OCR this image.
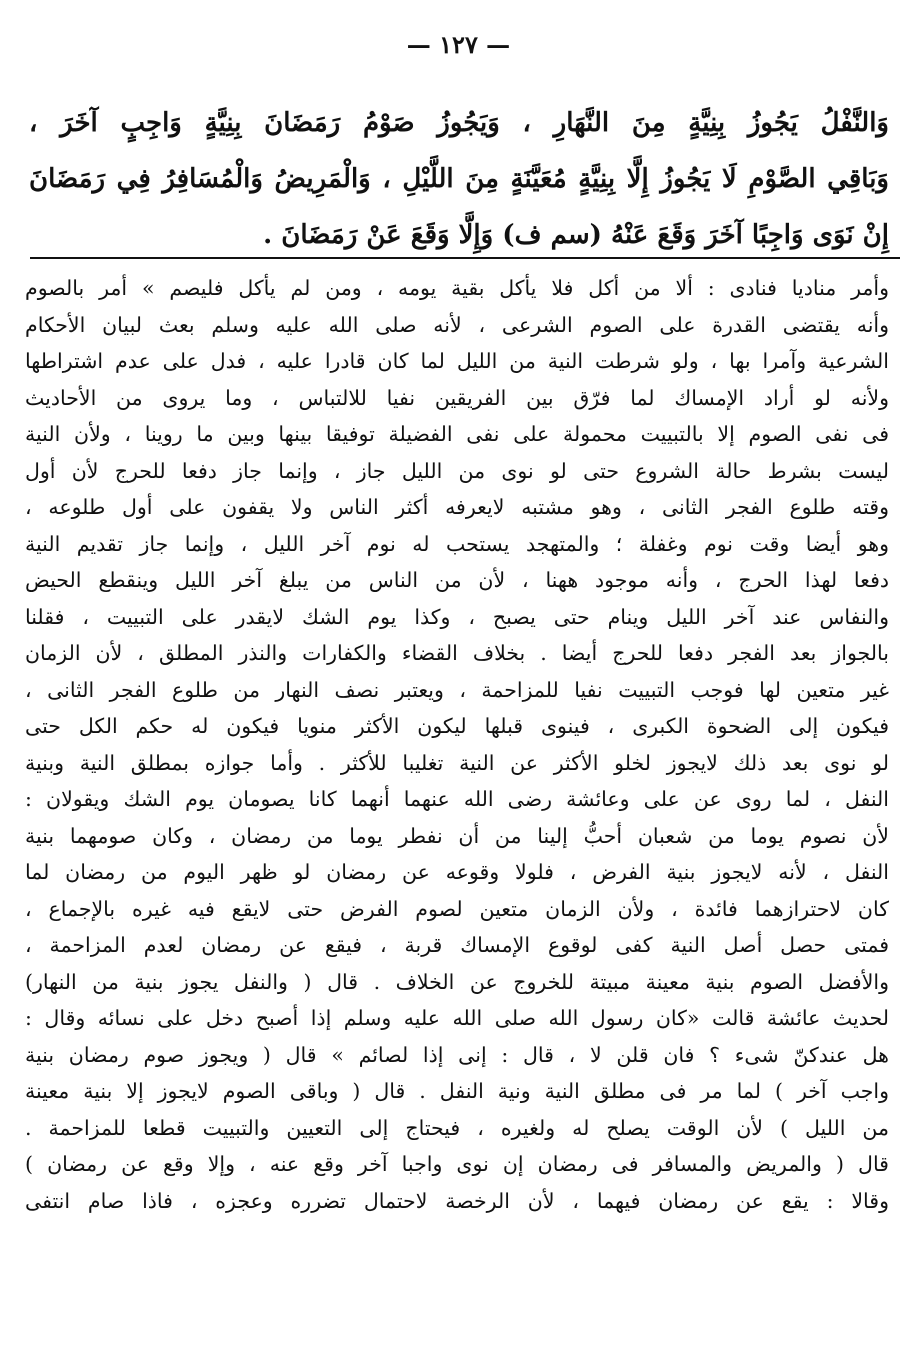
— ١٢٧ —
وَالنَّفْلُ يَجُوزُ بِنِيَّةٍ مِنَ النَّهَارِ ، وَيَجُوزُ صَوْمُ رَمَضَانَ بِنِيَّةٍ وَاجِبٍ آخَرَ ،
وَبَاقِي الصَّوْمِ لَا يَجُوزُ إِلَّا بِنِيَّةٍ مُعَيَّنَةٍ مِنَ اللَّيْلِ ، وَالْمَرِيضُ وَالْمُسَافِرُ فِي رَمَضَانَ
إِنْ نَوَى وَاجِبًا آخَرَ وَقَعَ عَنْهُ (سم ف) وَإِلَّا وَقَعَ عَنْ رَمَضَانَ .
وأمر مناديا فنادى : ألا من أكل فلا يأكل بقية يومه ، ومن لم يأكل فليصم » أمر بالصوم
وأنه يقتضى القدرة على الصوم الشرعى ، لأنه صلى الله عليه وسلم بعث لبيان الأحكام
الشرعية وآمرا بها ، ولو شرطت النية من الليل لما كان قادرا عليه ، فدل على عدم اشتراطها
ولأنه لو أراد الإمساك لما فرّق بين الفريقين نفيا للالتباس ، وما يروى من الأحاديث
فى نفى الصوم إلا بالتبييت محمولة على نفى الفضيلة توفيقا بينها وبين ما روينا ، ولأن النية
ليست بشرط حالة الشروع حتى لو نوى من الليل جاز ، وإنما جاز دفعا للحرج لأن أول
وقته طلوع الفجر الثانى ، وهو مشتبه لايعرفه أكثر الناس ولا يقفون على أول طلوعه ،
وهو أيضا وقت نوم وغفلة ؛ والمتهجد يستحب له نوم آخر الليل ، وإنما جاز تقديم النية
دفعا لهذا الحرج ، وأنه موجود ههنا ، لأن من الناس من يبلغ آخر الليل وينقطع الحيض
والنفاس عند آخر الليل وينام حتى يصبح ، وكذا يوم الشك لايقدر على التبييت ، فقلنا
بالجواز بعد الفجر دفعا للحرج أيضا . بخلاف القضاء والكفارات والنذر المطلق ، لأن الزمان
غير متعين لها فوجب التبييت نفيا للمزاحمة ، ويعتبر نصف النهار من طلوع الفجر الثانى ،
فيكون إلى الضحوة الكبرى ، فينوى قبلها ليكون الأكثر منويا فيكون له حكم الكل حتى
لو نوى بعد ذلك لايجوز لخلو الأكثر عن النية تغليبا للأكثر . وأما جوازه بمطلق النية وبنية
النفل ، لما روى عن على وعائشة رضى الله عنهما أنهما كانا يصومان يوم الشك ويقولان :
لأن نصوم يوما من شعبان أحبُّ إلينا من أن نفطر يوما من رمضان ، وكان صومهما بنية
النفل ، لأنه لايجوز بنية الفرض ، فلولا وقوعه عن رمضان لو ظهر اليوم من رمضان لما
كان لاحترازهما فائدة ، ولأن الزمان متعين لصوم الفرض حتى لايقع فيه غيره بالإجماع ،
فمتى حصل أصل النية كفى لوقوع الإمساك قربة ، فيقع عن رمضان لعدم المزاحمة ،
والأفضل الصوم بنية معينة مبيتة للخروج عن الخلاف . قال ( والنفل يجوز بنية من النهار)
لحديث عائشة قالت «كان رسول الله صلى الله عليه وسلم إذا أصبح دخل على نسائه وقال :
هل عندكنّ شىء ؟ فان قلن لا ، قال : إنى إذا لصائم » قال ( ويجوز صوم رمضان بنية
واجب آخر ) لما مر فى مطلق النية ونية النفل . قال ( وباقى الصوم لايجوز إلا بنية معينة
من الليل ) لأن الوقت يصلح له ولغيره ، فيحتاج إلى التعيين والتبييت قطعا للمزاحمة .
قال ( والمريض والمسافر فى رمضان إن نوى واجبا آخر وقع عنه ، وإلا وقع عن رمضان )
وقالا : يقع عن رمضان فيهما ، لأن الرخصة لاحتمال تضرره وعجزه ، فاذا صام انتفى
